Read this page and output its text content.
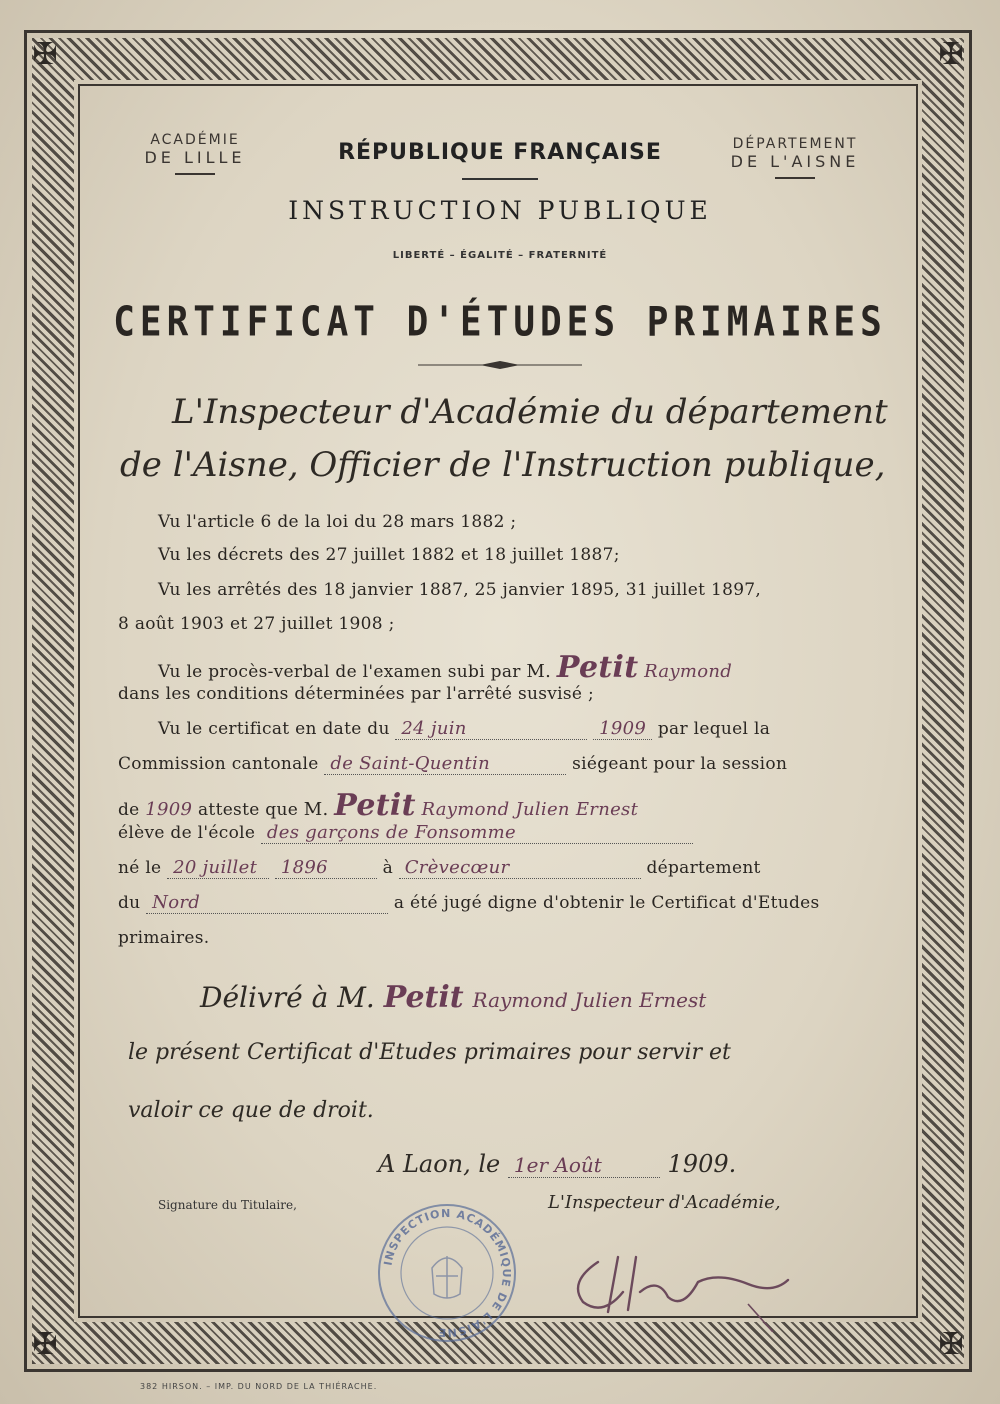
✠	✠
✠	✠
ACADÉMIE
DE LILLE	RÉPUBLIQUE FRANÇAISE	DÉPARTEMENT
DE L'AISNE
INSTRUCTION PUBLIQUE
LIBERTÉ – ÉGALITÉ – FRATERNITÉ
CERTIFICAT D'ÉTUDES PRIMAIRES
L'Inspecteur d'Académie du département
de l'Aisne, Officier de l'Instruction publique,
Vu l'article 6 de la loi du 28 mars 1882 ;
Vu les décrets des 27 juillet 1882 et 18 juillet 1887;
Vu les arrêtés des 18 janvier 1887, 25 janvier 1895, 31 juillet 1897,
8 août 1903 et 27 juillet 1908 ;
Vu le procès-verbal de l'examen subi par M. Petit Raymond
dans les conditions déterminées par l'arrêté susvisé ;
Vu le certificat en date du 24 juin	1909 par lequel la
Commission cantonale de Saint-Quentin	siégeant pour la session
de 1909 atteste que M. Petit Raymond Julien Ernest
élève de l'école des garçons de Fonsomme
né le 20 juillet 1896	à Crèvecœur	département
du Nord	a été jugé digne d'obtenir le Certificat d'Etudes
primaires.
Délivré à M. Petit Raymond Julien Ernest
le présent Certificat d'Etudes primaires pour servir et
valoir ce que de droit.
A Laon, le 1er Août	1909.
Signature du Titulaire,	L'Inspecteur d'Académie,
INSPECTION ACADÉMIQUE DE L'AISNE
382 HIRSON. – IMP. DU NORD DE LA THIÉRACHE.
